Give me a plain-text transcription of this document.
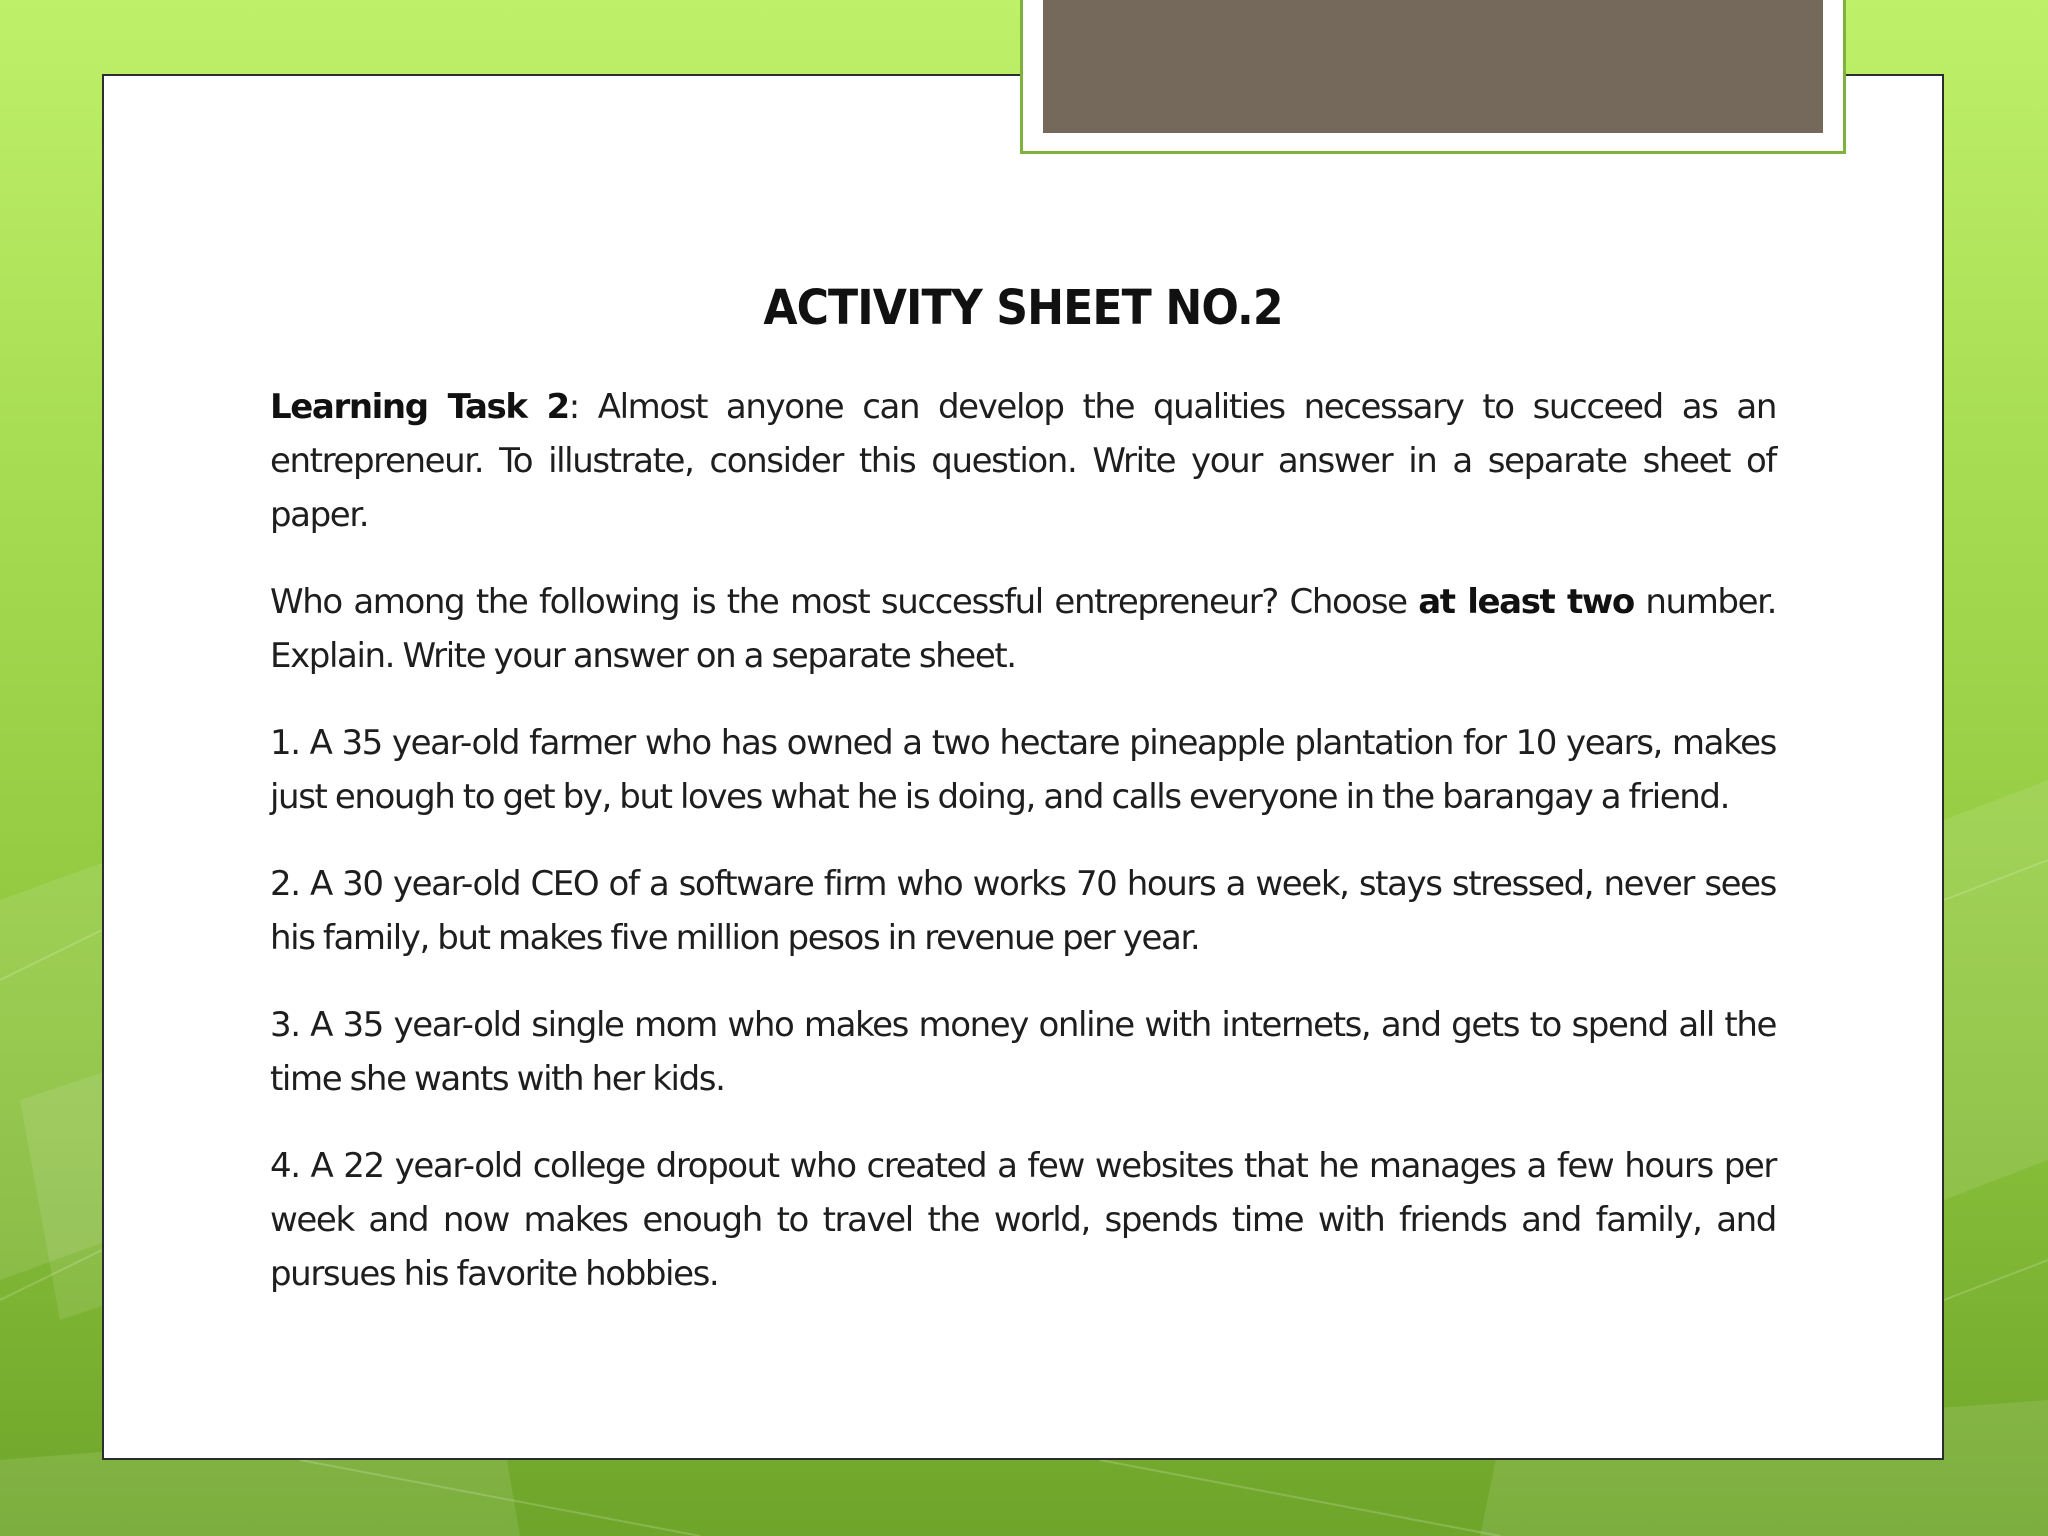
ACTIVITY SHEET NO.2

Learning Task 2: Almost anyone can develop the qualities necessary to succeed as an entrepreneur. To illustrate, consider this question. Write your answer in a separate sheet of paper.

Who among the following is the most successful entrepreneur? Choose at least two number. Explain. Write your answer on a separate sheet.

1. A 35 year-old farmer who has owned a two hectare pineapple plantation for 10 years, makes just enough to get by, but loves what he is doing, and calls everyone in the barangay a friend.

2. A 30 year-old CEO of a software firm who works 70 hours a week, stays stressed, never sees his family, but makes five million pesos in revenue per year.

3. A 35 year-old single mom who makes money online with internets, and gets to spend all the time she wants with her kids.

4. A 22 year-old college dropout who created a few websites that he manages a few hours per week and now makes enough to travel the world, spends time with friends and family, and pursues his favorite hobbies.
